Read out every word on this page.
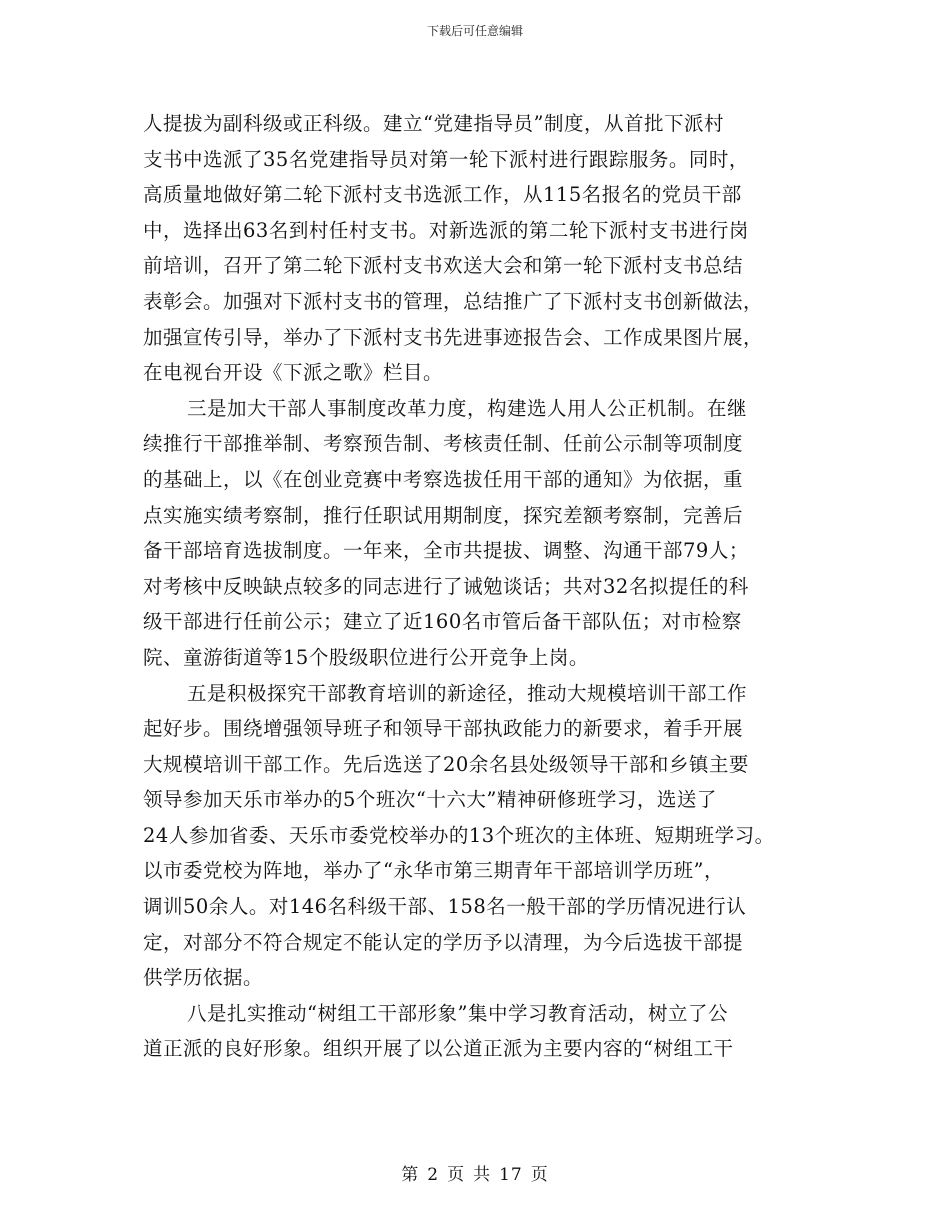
下载后可任意编辑
人提拔为副科级或正科级。建立“党建指导员”制度，从首批下派村
支书中选派了35名党建指导员对第一轮下派村进行跟踪服务。同时，
高质量地做好第二轮下派村支书选派工作，从115名报名的党员干部
中，选择出63名到村任村支书。对新选派的第二轮下派村支书进行岗
前培训，召开了第二轮下派村支书欢送大会和第一轮下派村支书总结
表彰会。加强对下派村支书的管理，总结推广了下派村支书创新做法，
加强宣传引导，举办了下派村支书先进事迹报告会、工作成果图片展，
在电视台开设《下派之歌》栏目。
三是加大干部人事制度改革力度，构建选人用人公正机制。在继
续推行干部推举制、考察预告制、考核责任制、任前公示制等项制度
的基础上，以《在创业竞赛中考察选拔任用干部的通知》为依据，重
点实施实绩考察制，推行任职试用期制度，探究差额考察制，完善后
备干部培育选拔制度。一年来，全市共提拔、调整、沟通干部79人；
对考核中反映缺点较多的同志进行了诫勉谈话；共对32名拟提任的科
级干部进行任前公示；建立了近160名市管后备干部队伍；对市检察
院、童游街道等15个股级职位进行公开竞争上岗。
五是积极探究干部教育培训的新途径，推动大规模培训干部工作
起好步。围绕增强领导班子和领导干部执政能力的新要求，着手开展
大规模培训干部工作。先后选送了20余名县处级领导干部和乡镇主要
领导参加天乐市举办的5个班次“十六大”精神研修班学习，选送了
24人参加省委、天乐市委党校举办的13个班次的主体班、短期班学习。
以市委党校为阵地，举办了“永华市第三期青年干部培训学历班”，
调训50余人。对146名科级干部、158名一般干部的学历情况进行认
定，对部分不符合规定不能认定的学历予以清理，为今后选拔干部提
供学历依据。
八是扎实推动“树组工干部形象”集中学习教育活动，树立了公
道正派的良好形象。组织开展了以公道正派为主要内容的“树组工干
第 2 页 共 17 页
